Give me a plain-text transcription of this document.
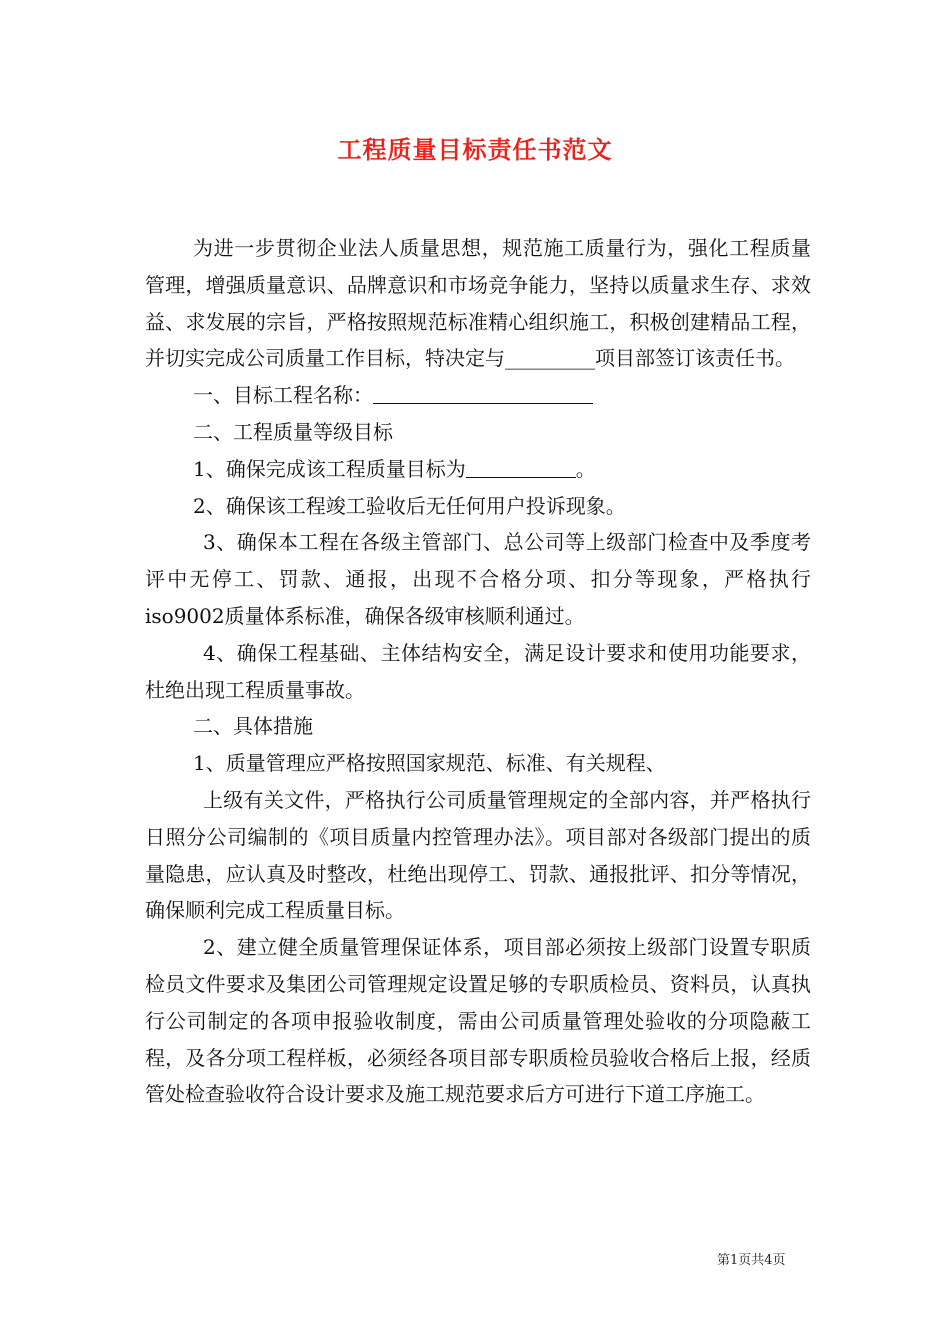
工程质量目标责任书范文

为进一步贯彻企业法人质量思想，规范施工质量行为，强化工程质量管理，增强质量意识、品牌意识和市场竞争能力，坚持以质量求生存、求效益、求发展的宗旨，严格按照规范标准精心组织施工，积极创建精品工程，并切实完成公司质量工作目标，特决定与_________项目部签订该责任书。

一、目标工程名称：

二、工程质量等级目标

1、确保完成该工程质量目标为	。

2、确保该工程竣工验收后无任何用户投诉现象。

3、确保本工程在各级主管部门、总公司等上级部门检查中及季度考评中无停工、罚款、通报，出现不合格分项、扣分等现象，严格执行iso9002质量体系标准，确保各级审核顺利通过。

4、确保工程基础、主体结构安全，满足设计要求和使用功能要求，杜绝出现工程质量事故。

二、具体措施

1、质量管理应严格按照国家规范、标准、有关规程、

上级有关文件，严格执行公司质量管理规定的全部内容，并严格执行日照分公司编制的《项目质量内控管理办法》。项目部对各级部门提出的质量隐患，应认真及时整改，杜绝出现停工、罚款、通报批评、扣分等情况，确保顺利完成工程质量目标。

2、建立健全质量管理保证体系，项目部必须按上级部门设置专职质检员文件要求及集团公司管理规定设置足够的专职质检员、资料员，认真执行公司制定的各项申报验收制度，需由公司质量管理处验收的分项隐蔽工程，及各分项工程样板，必须经各项目部专职质检员验收合格后上报，经质管处检查验收符合设计要求及施工规范要求后方可进行下道工序施工。

第1页共4页
